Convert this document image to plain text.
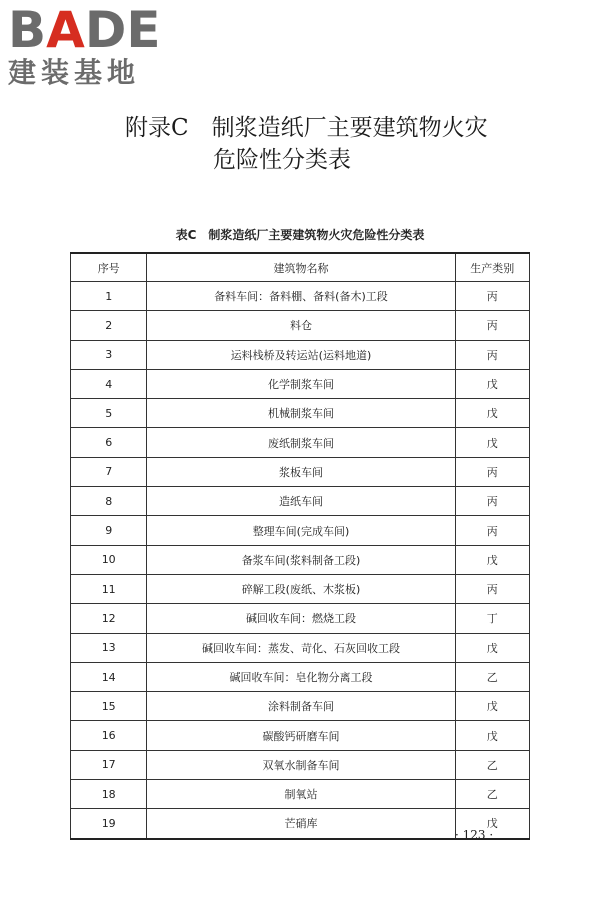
BADE
建装基地
附录C　制浆造纸厂主要建筑物火灾
危险性分类表
表C　制浆造纸厂主要建筑物火灾危险性分类表
序号	建筑物名称	生产类别
1	备料车间：备料棚、备料(备木)工段	丙
2	料仓	丙
3	运料栈桥及转运站(运料地道)	丙
4	化学制浆车间	戊
5	机械制浆车间	戊
6	废纸制浆车间	戊
7	浆板车间	丙
8	造纸车间	丙
9	整理车间(完成车间)	丙
10	备浆车间(浆料制备工段)	戊
11	碎解工段(废纸、木浆板)	丙
12	碱回收车间：燃烧工段	丁
13	碱回收车间：蒸发、苛化、石灰回收工段	戊
14	碱回收车间：皂化物分离工段	乙
15	涂料制备车间	戊
16	碳酸钙研磨车间	戊
17	双氧水制备车间	乙
18	制氧站	乙
19	芒硝库	戊
· 123 ·
